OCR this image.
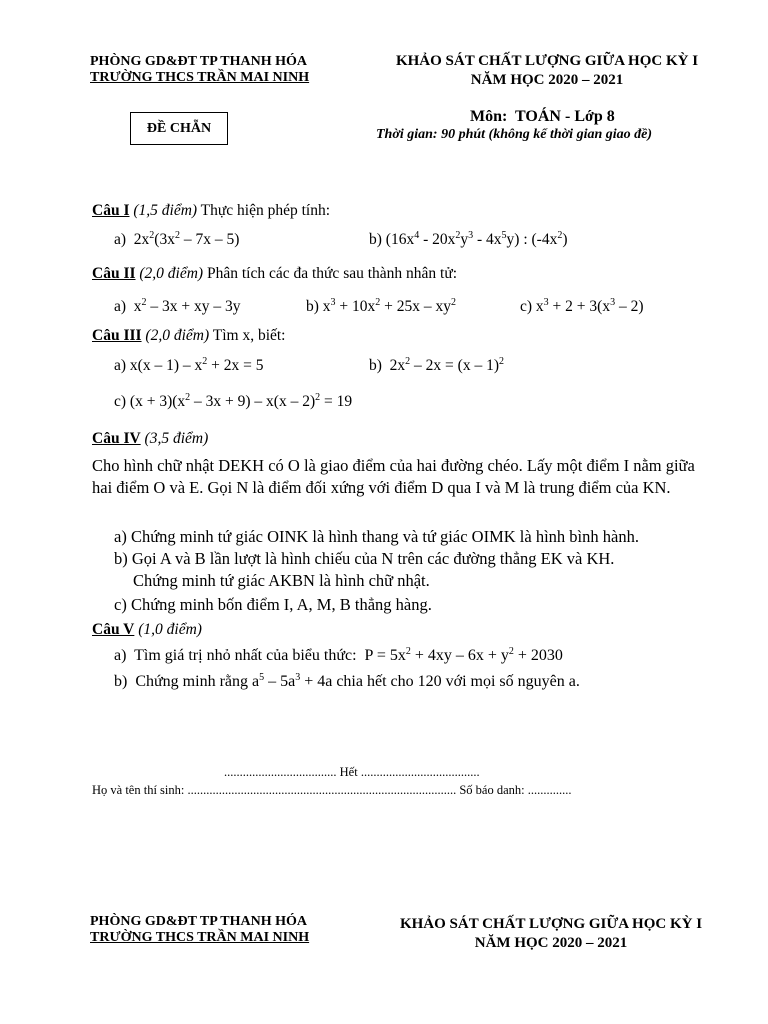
PHÒNG GD&ĐT TP THANH HÓA
TRƯỜNG THCS TRẦN MAI NINH
KHẢO SÁT CHẤT LƯỢNG GIỮA HỌC KỲ I
NĂM HỌC 2020 – 2021
ĐỀ CHẴN
Môn: TOÁN - Lớp 8
Thời gian: 90 phút (không kể thời gian giao đề)
Câu I (1,5 điểm) Thực hiện phép tính:
a)  $2x^2(3x^2 - 7x - 5)$	b) $(16x^4 - 20x^2y^3 - 4x^5y)$ : $(-4x^2)$
Câu II (2,0 điểm) Phân tích các đa thức sau thành nhân tử:
a)  $x^2 - 3x$ + xy – 3y	b) $x^3 + 10x^2 + 25x - xy^2$	c) $x^3 + 2 + 3(x^3 - 2)$
Câu III (2,0 điểm) Tìm x, biết:
a) $x(x - 1) - x^2 + 2x = 5$	b)  $2x^2 - 2x = (x - 1)^2$
c) $(x + 3)(x^2 - 3x + 9) - x(x - 2)^2 = 19$
Câu IV (3,5 điểm)
Cho hình chữ nhật DEKH có O là giao điểm của hai đường chéo. Lấy một điểm I nằm giữa hai điểm O và E. Gọi N là điểm đối xứng với điểm D qua I và M là trung điểm của KN.
a) Chứng minh tứ giác OINK là hình thang và tứ giác OIMK là hình bình hành.
b) Gọi A và B lần lượt là hình chiếu của N trên các đường thẳng EK và KH.
Chứng minh tứ giác AKBN là hình chữ nhật.
c) Chứng minh bốn điểm I, A, M, B thẳng hàng.
Câu V (1,0 điểm)
a)  Tìm giá trị nhỏ nhất của biểu thức:  $P = 5x^2 + 4xy - 6x + y^2 + 2030$
b)  Chứng minh rằng $a^5 - 5a^3 + 4a$ chia hết cho 120 với mọi số nguyên a.
.................................... Hết ......................................
Họ và tên thí sinh: ...................................................................................... Số báo danh: ..............
PHÒNG GD&ĐT TP THANH HÓA
TRƯỜNG THCS TRẦN MAI NINH
KHẢO SÁT CHẤT LƯỢNG GIỮA HỌC KỲ I
NĂM HỌC 2020 – 2021
